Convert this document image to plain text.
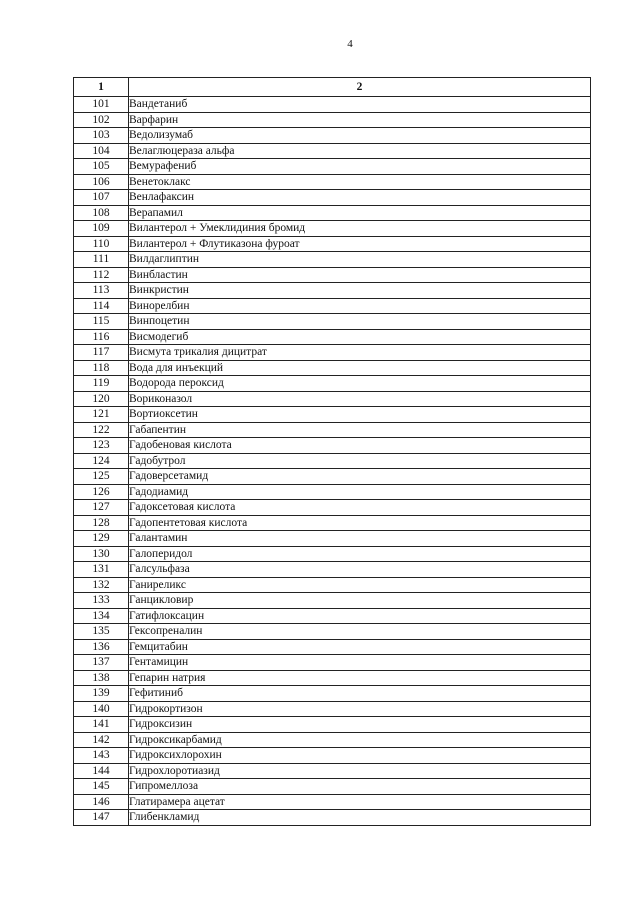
4
1	2
101	Вандетаниб
102	Варфарин
103	Ведолизумаб
104	Велаглюцераза альфа
105	Вемурафениб
106	Венетоклакс
107	Венлафаксин
108	Верапамил
109	Вилантерол + Умеклидиния бромид
110	Вилантерол + Флутиказона фуроат
111	Вилдаглиптин
112	Винбластин
113	Винкристин
114	Винорелбин
115	Винпоцетин
116	Висмодегиб
117	Висмута трикалия дицитрат
118	Вода для инъекций
119	Водорода пероксид
120	Вориконазол
121	Вортиоксетин
122	Габапентин
123	Гадобеновая кислота
124	Гадобутрол
125	Гадоверсетамид
126	Гадодиамид
127	Гадоксетовая кислота
128	Гадопентетовая кислота
129	Галантамин
130	Галоперидол
131	Галсульфаза
132	Ганиреликс
133	Ганцикловир
134	Гатифлоксацин
135	Гексопреналин
136	Гемцитабин
137	Гентамицин
138	Гепарин натрия
139	Гефитиниб
140	Гидрокортизон
141	Гидроксизин
142	Гидроксикарбамид
143	Гидроксихлорохин
144	Гидрохлоротиазид
145	Гипромеллоза
146	Глатирамера ацетат
147	Глибенкламид
